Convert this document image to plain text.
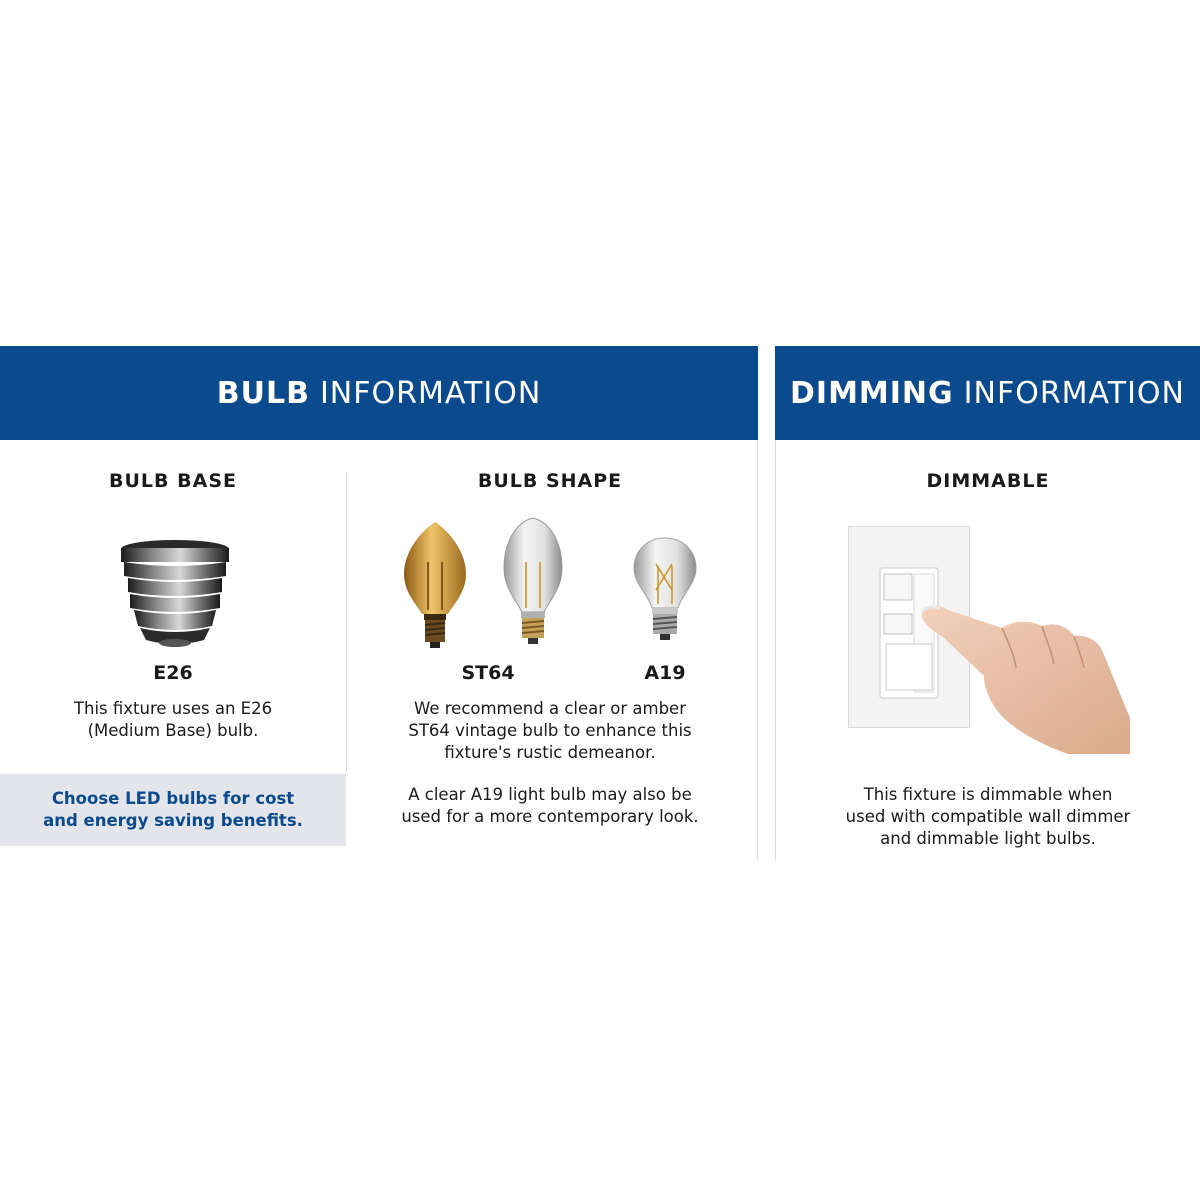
BULB INFORMATION	DIMMING INFORMATION
BULB BASE
E26
This fixture uses an E26
(Medium Base) bulb.
Choose LED bulbs for cost
and energy saving benefits.
BULB SHAPE
ST64	A19
We recommend a clear or amber
ST64 vintage bulb to enhance this
fixture's rustic demeanor.
A clear A19 light bulb may also be
used for a more contemporary look.
DIMMABLE
This fixture is dimmable when
used with compatible wall dimmer
and dimmable light bulbs.
